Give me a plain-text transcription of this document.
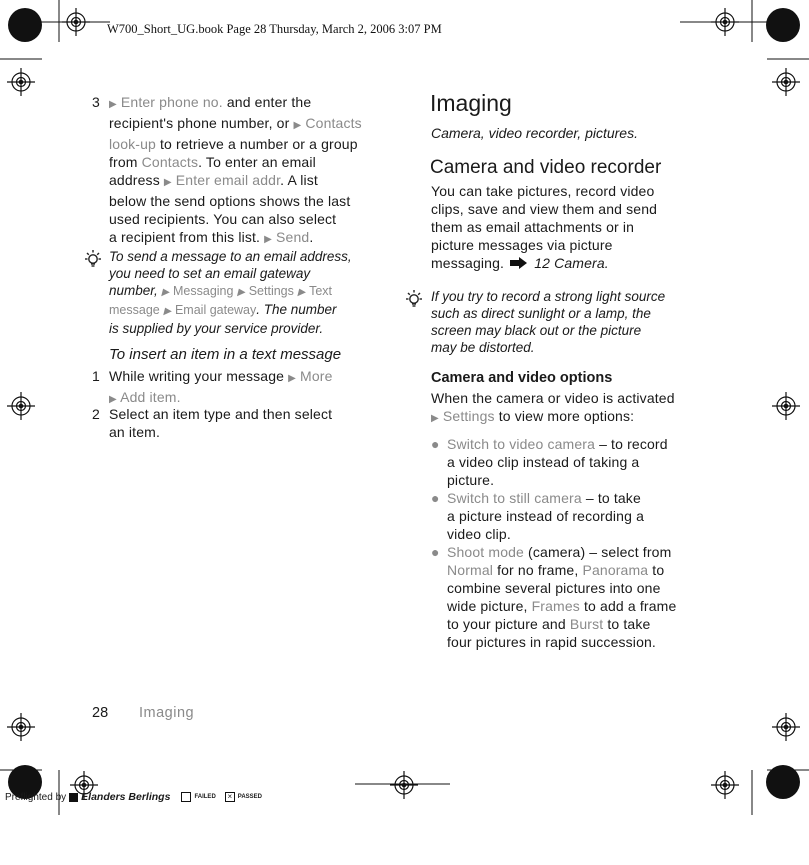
W700_Short_UG.book Page 28 Thursday, March 2, 2006 3:07 PM
3 ▶ Enter phone no. and enter the
recipient's phone number, or ▶ Contacts
look-up to retrieve a number or a group
from Contacts. To enter an email
address ▶ Enter email addr. A list
below the send options shows the last
used recipients. You can also select
a recipient from this list. ▶ Send.
To send a message to an email address,
you need to set an email gateway
number, ▶ Messaging ▶ Settings ▶ Text
message ▶ Email gateway. The number
is supplied by your service provider.
To insert an item in a text message
1 While writing your message ▶ More
▶ Add item.
2 Select an item type and then select
an item.
28 Imaging
Imaging
Camera, video recorder, pictures.
Camera and video recorder
You can take pictures, record video
clips, save and view them and send
them as email attachments or in
picture messages via picture
messaging. 12 Camera.
If you try to record a strong light source
such as direct sunlight or a lamp, the
screen may black out or the picture
may be distorted.
Camera and video options
When the camera or video is activated
▶ Settings to view more options:
● Switch to video camera – to record
a video clip instead of taking a
picture.
● Switch to still camera – to take
a picture instead of recording a
video clip.
● Shoot mode (camera) – select from
Normal for no frame, Panorama to
combine several pictures into one
wide picture, Frames to add a frame
to your picture and Burst to take
four pictures in rapid succession.
Preflighted by Elanders Berlings	FAILED	× PASSED
